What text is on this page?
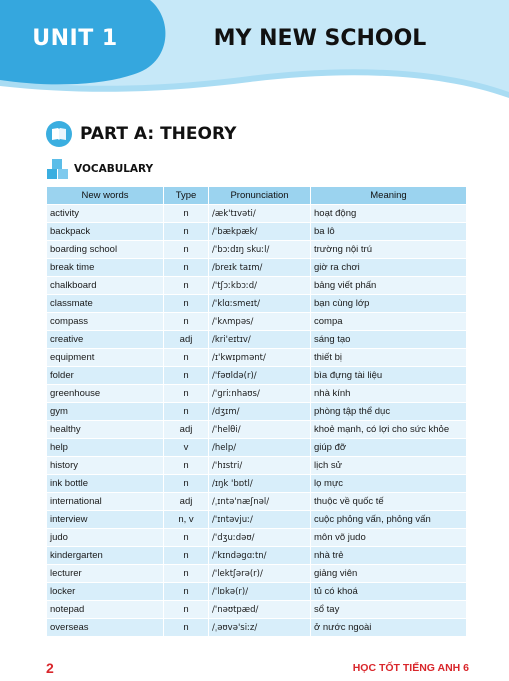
UNIT 1	MY NEW SCHOOL
PART A: THEORY
VOCABULARY
New words	Type	Pronunciation	Meaning
activity	n	/æk'tɪvəti/	hoạt động
backpack	n	/'bækpæk/	ba lô
boarding school	n	/'bɔːdɪŋ skuːl/	trường nội trú
break time	n	/breɪk taɪm/	giờ ra chơi
chalkboard	n	/'tʃɔːkbɔːd/	bảng viết phấn
classmate	n	/'klɑːsmeɪt/	bạn cùng lớp
compass	n	/'kʌmpəs/	compa
creative	adj	/kri'eɪtɪv/	sáng tạo
equipment	n	/ɪ'kwɪpmənt/	thiết bị
folder	n	/'fəʊldə(r)/	bìa đựng tài liệu
greenhouse	n	/'griːnhaʊs/	nhà kính
gym	n	/dʒɪm/	phòng tập thể dục
healthy	adj	/'helθi/	khoẻ mạnh, có lợi cho sức khỏe
help	v	/help/	giúp đỡ
history	n	/'hɪstri/	lịch sử
ink bottle	n	/ɪŋk 'bɒtl/	lọ mực
international	adj	/ˌɪntə'næʃnəl/	thuộc về quốc tế
interview	n, v	/'ɪntəvjuː/	cuộc phỏng vấn, phỏng vấn
judo	n	/'dʒuːdəʊ/	môn võ judo
kindergarten	n	/'kɪndəgɑːtn/	nhà trẻ
lecturer	n	/'lektʃərə(r)/	giảng viên
locker	n	/'lɒkə(r)/	tủ có khoá
notepad	n	/'nəʊtpæd/	sổ tay
overseas	n	/ˌəʊvə'siːz/	ở nước ngoài
2	HỌC TỐT TIẾNG ANH 6
